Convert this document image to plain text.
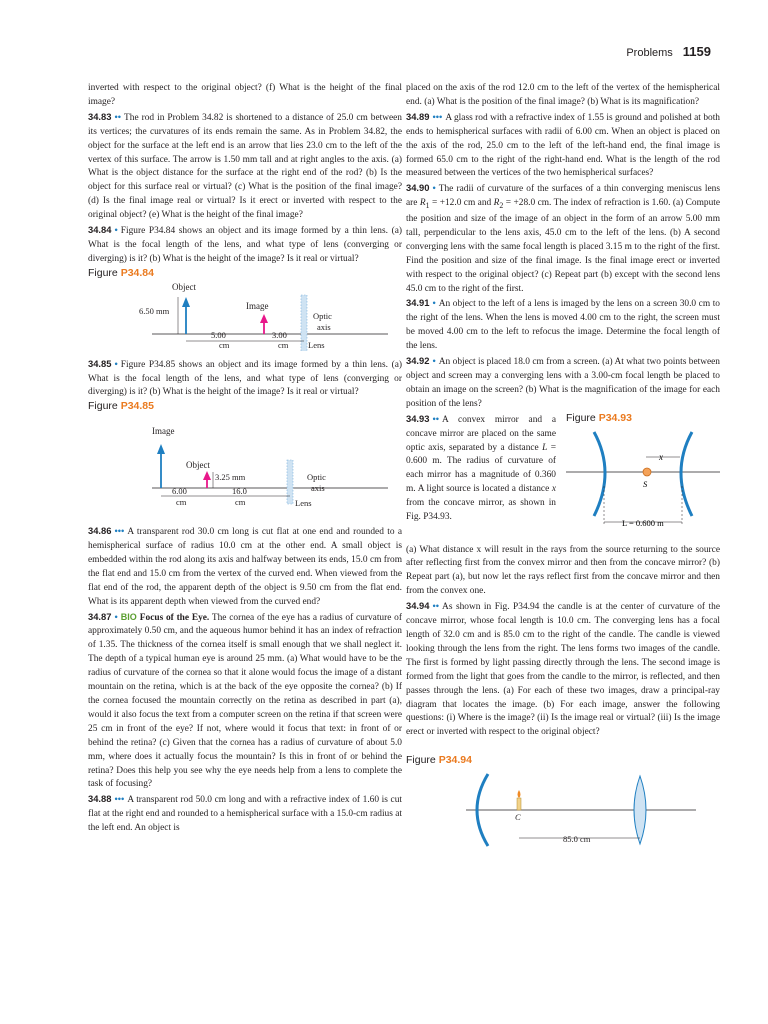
Problems 1159

inverted with respect to the original object? (f) What is the height of the final image?

34.83 •• The rod in Problem 34.82 is shortened to a distance of 25.0 cm between its vertices; the curvatures of its ends remain the same. As in Problem 34.82, the object for the surface at the left end is an arrow that lies 23.0 cm to the left of the vertex of this surface. The arrow is 1.50 mm tall and at right angles to the axis. (a) What is the object distance for the surface at the right end of the rod? (b) Is the object for this surface real or virtual? (c) What is the position of the final image? (d) Is the final image real or virtual? Is it erect or inverted with respect to the original object? (e) What is the height of the final image?

34.84 • Figure P34.84 shows an object and its image formed by a thin lens. (a) What is the focal length of the lens, and what type of lens (converging or diverging) is it? (b) What is the height of the image? Is it real or virtual?

Figure P34.84

Object
Image
6.50 mm
5.00
cm
3.00
cm
Optic
axis
Lens

34.85 • Figure P34.85 shows an object and its image formed by a thin lens. (a) What is the focal length of the lens, and what type of lens (converging or diverging) is it? (b) What is the height of the image? Is it real or virtual?

Figure P34.85

Image
Object
3.25 mm
6.00
cm
16.0
cm
Optic
axis
Lens

34.86 ••• A transparent rod 30.0 cm long is cut flat at one end and rounded to a hemispherical surface of radius 10.0 cm at the other end. A small object is embedded within the rod along its axis and halfway between its ends, 15.0 cm from the flat end and 15.0 cm from the vertex of the curved end. When viewed from the flat end of the rod, the apparent depth of the object is 9.50 cm from the flat end. What is its apparent depth when viewed from the curved end?

34.87 • BIO Focus of the Eye. The cornea of the eye has a radius of curvature of approximately 0.50 cm, and the aqueous humor behind it has an index of refraction of 1.35. The thickness of the cornea itself is small enough that we shall neglect it. The depth of a typical human eye is around 25 mm. (a) What would have to be the radius of curvature of the cornea so that it alone would focus the image of a distant mountain on the retina, which is at the back of the eye opposite the cornea? (b) If the cornea focused the mountain correctly on the retina as described in part (a), would it also focus the text from a computer screen on the retina if that screen were 25 cm in front of the eye? If not, where would it focus that text: in front of or behind the retina? (c) Given that the cornea has a radius of curvature of about 5.0 mm, where does it actually focus the mountain? Is this in front of or behind the retina? Does this help you see why the eye needs help from a lens to complete the task of focusing?

34.88 ••• A transparent rod 50.0 cm long and with a refractive index of 1.60 is cut flat at the right end and rounded to a hemispherical surface with a 15.0-cm radius at the left end. An object is

placed on the axis of the rod 12.0 cm to the left of the vertex of the hemispherical end. (a) What is the position of the final image? (b) What is its magnification?

34.89 ••• A glass rod with a refractive index of 1.55 is ground and polished at both ends to hemispherical surfaces with radii of 6.00 cm. When an object is placed on the axis of the rod, 25.0 cm to the left of the left-hand end, the final image is formed 65.0 cm to the right of the right-hand end. What is the length of the rod measured between the vertices of the two hemispherical surfaces?

34.90 • The radii of curvature of the surfaces of a thin converging meniscus lens are $R_1 = +12.0$ cm and $R_2 = +28.0$ cm. The index of refraction is 1.60. (a) Compute the position and size of the image of an object in the form of an arrow 5.00 mm tall, perpendicular to the lens axis, 45.0 cm to the left of the lens. (b) A second converging lens with the same focal length is placed 3.15 m to the right of the first. Find the position and size of the final image. Is the final image erect or inverted with respect to the original object? (c) Repeat part (b) except with the second lens 45.0 cm to the right of the first.

34.91 • An object to the left of a lens is imaged by the lens on a screen 30.0 cm to the right of the lens. When the lens is moved 4.00 cm to the right, the screen must be moved 4.00 cm to the left to refocus the image. Determine the focal length of the lens.

34.92 • An object is placed 18.0 cm from a screen. (a) At what two points between object and screen may a converging lens with a 3.00-cm focal length be placed to obtain an image on the screen? (b) What is the magnification of the image for each position of the lens?

34.93 •• A convex mirror and a concave mirror are placed on the same optic axis, separated by a distance L = 0.600 m. The radius of curvature of each mirror has a magnitude of 0.360 m. A light source is located a distance x from the concave mirror, as shown in Fig. P34.93.

Figure P34.93

x
S
L = 0.600 m

(a) What distance x will result in the rays from the source returning to the source after reflecting first from the convex mirror and then from the concave mirror? (b) Repeat part (a), but now let the rays reflect first from the concave mirror and then from the convex one.

34.94 •• As shown in Fig. P34.94 the candle is at the center of curvature of the concave mirror, whose focal length is 10.0 cm. The converging lens has a focal length of 32.0 cm and is 85.0 cm to the right of the candle. The candle is viewed looking through the lens from the right. The lens forms two images of the candle. The first is formed by light passing directly through the lens. The second image is formed from the light that goes from the candle to the mirror, is reflected, and then passes through the lens. (a) For each of these two images, draw a principal-ray diagram that locates the image. (b) For each image, answer the following questions: (i) Where is the image? (ii) Is the image real or virtual? (iii) Is the image erect or inverted with respect to the original object?

Figure P34.94

C
85.0 cm
